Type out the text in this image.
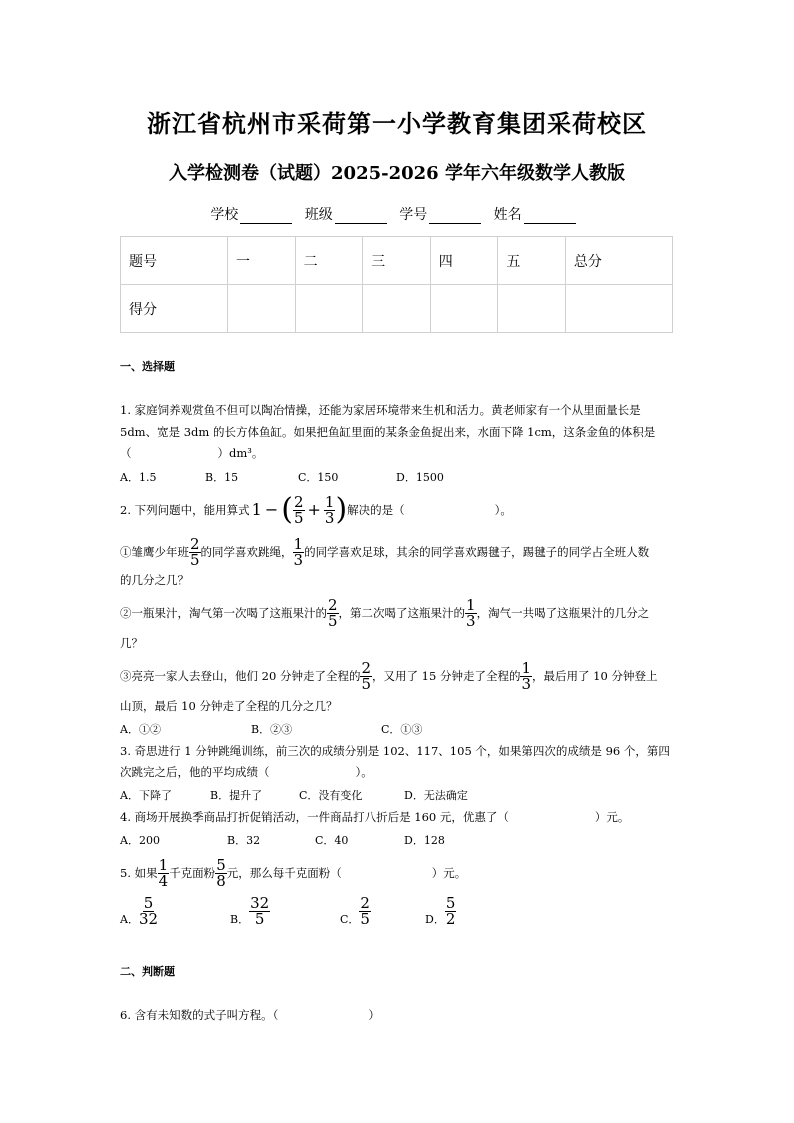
浙江省杭州市采荷第一小学教育集团采荷校区
入学检测卷（试题）2025-2026 学年六年级数学人教版
学校	班级	学号	姓名
题号	一	二	三	四	五	总分
得分						
一、选择题
1. 家庭饲养观赏鱼不但可以陶冶情操，还能为家居环境带来生机和活力。黄老师家有一个从里面量长是
5dm、宽是 3dm 的长方体鱼缸。如果把鱼缸里面的某条金鱼捉出来，水面下降 1cm，这条金鱼的体积是
（	）dm³。
A．1.5	B．15	C．150	D．1500
2. 下列问题中，能用算式 1 − ( $\frac{2}{5} + \frac{1}{3}$ ) 解决的是（	）。
①雏鹰少年班 $\frac{2}{5}$ 的同学喜欢跳绳， $\frac{1}{3}$ 的同学喜欢足球，其余的同学喜欢踢毽子，踢毽子的同学占全班人数
的几分之几？
②一瓶果汁，淘气第一次喝了这瓶果汁的 $\frac{2}{5}$ ，第二次喝了这瓶果汁的 $\frac{1}{3}$ ，淘气一共喝了这瓶果汁的几分之
几？
③亮亮一家人去登山，他们 20 分钟走了全程的 $\frac{2}{5}$ ，又用了 15 分钟走了全程的 $\frac{1}{3}$ ，最后用了 10 分钟登上
山顶，最后 10 分钟走了全程的几分之几？
A．①②	B．②③	C．①③
3. 奇思进行 1 分钟跳绳训练，前三次的成绩分别是 102、117、105 个，如果第四次的成绩是 96 个，第四
次跳完之后，他的平均成绩（	）。
A．下降了	B．提升了	C．没有变化	D．无法确定
4. 商场开展换季商品打折促销活动，一件商品打八折后是 160 元，优惠了（	）元。
A．200	B．32	C．40	D．128
5. 如果 $\frac{1}{4}$ 千克面粉 $\frac{5}{8}$ 元，那么每千克面粉（	）元。
A． $\frac{5}{32}$	B． $\frac{32}{5}$	C． $\frac{2}{5}$	D． $\frac{5}{2}$
二、判断题
6. 含有未知数的式子叫方程。（	）
